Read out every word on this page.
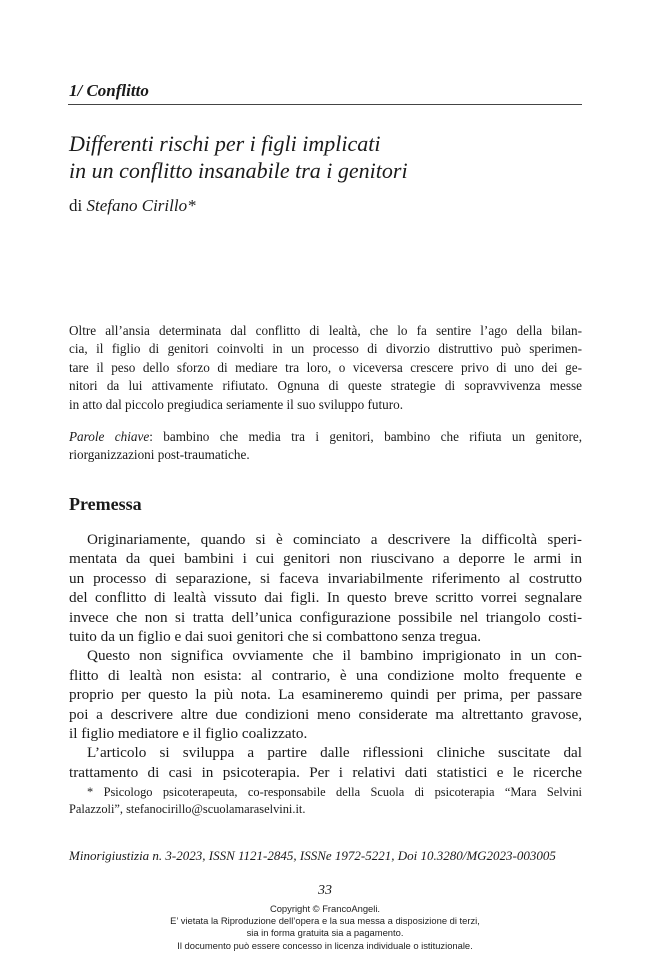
1/ Conflitto
Differenti rischi per i figli implicati
in un conflitto insanabile tra i genitori
di Stefano Cirillo*
Oltre all’ansia determinata dal conflitto di lealtà, che lo fa sentire l’ago della bilan-
cia, il figlio di genitori coinvolti in un processo di divorzio distruttivo può sperimen-
tare il peso dello sforzo di mediare tra loro, o viceversa crescere privo di uno dei ge-
nitori da lui attivamente rifiutato. Ognuna di queste strategie di sopravvivenza messe
in atto dal piccolo pregiudica seriamente il suo sviluppo futuro.
Parole chiave: bambino che media tra i genitori, bambino che rifiuta un genitore,
riorganizzazioni post-traumatiche.
Premessa
Originariamente, quando si è cominciato a descrivere la difficoltà speri-
mentata da quei bambini i cui genitori non riuscivano a deporre le armi in
un processo di separazione, si faceva invariabilmente riferimento al costrutto
del conflitto di lealtà vissuto dai figli. In questo breve scritto vorrei segnalare
invece che non si tratta dell’unica configurazione possibile nel triangolo costi-
tuito da un figlio e dai suoi genitori che si combattono senza tregua.
Questo non significa ovviamente che il bambino imprigionato in un con-
flitto di lealtà non esista: al contrario, è una condizione molto frequente e
proprio per questo la più nota. La esamineremo quindi per prima, per passare
poi a descrivere altre due condizioni meno considerate ma altrettanto gravose,
il figlio mediatore e il figlio coalizzato.
L’articolo si sviluppa a partire dalle riflessioni cliniche suscitate dal
trattamento di casi in psicoterapia. Per i relativi dati statistici e le ricerche
* Psicologo psicoterapeuta, co-responsabile della Scuola di psicoterapia “Mara Selvini
Palazzoli”, stefanocirillo@scuolamaraselvini.it.
Minorigiustizia n. 3-2023, ISSN 1121-2845, ISSNe 1972-5221, Doi 10.3280/MG2023-003005
33
Copyright © FrancoAngeli.
E’ vietata la Riproduzione dell’opera e la sua messa a disposizione di terzi,
sia in forma gratuita sia a pagamento.
Il documento può essere concesso in licenza individuale o istituzionale.
